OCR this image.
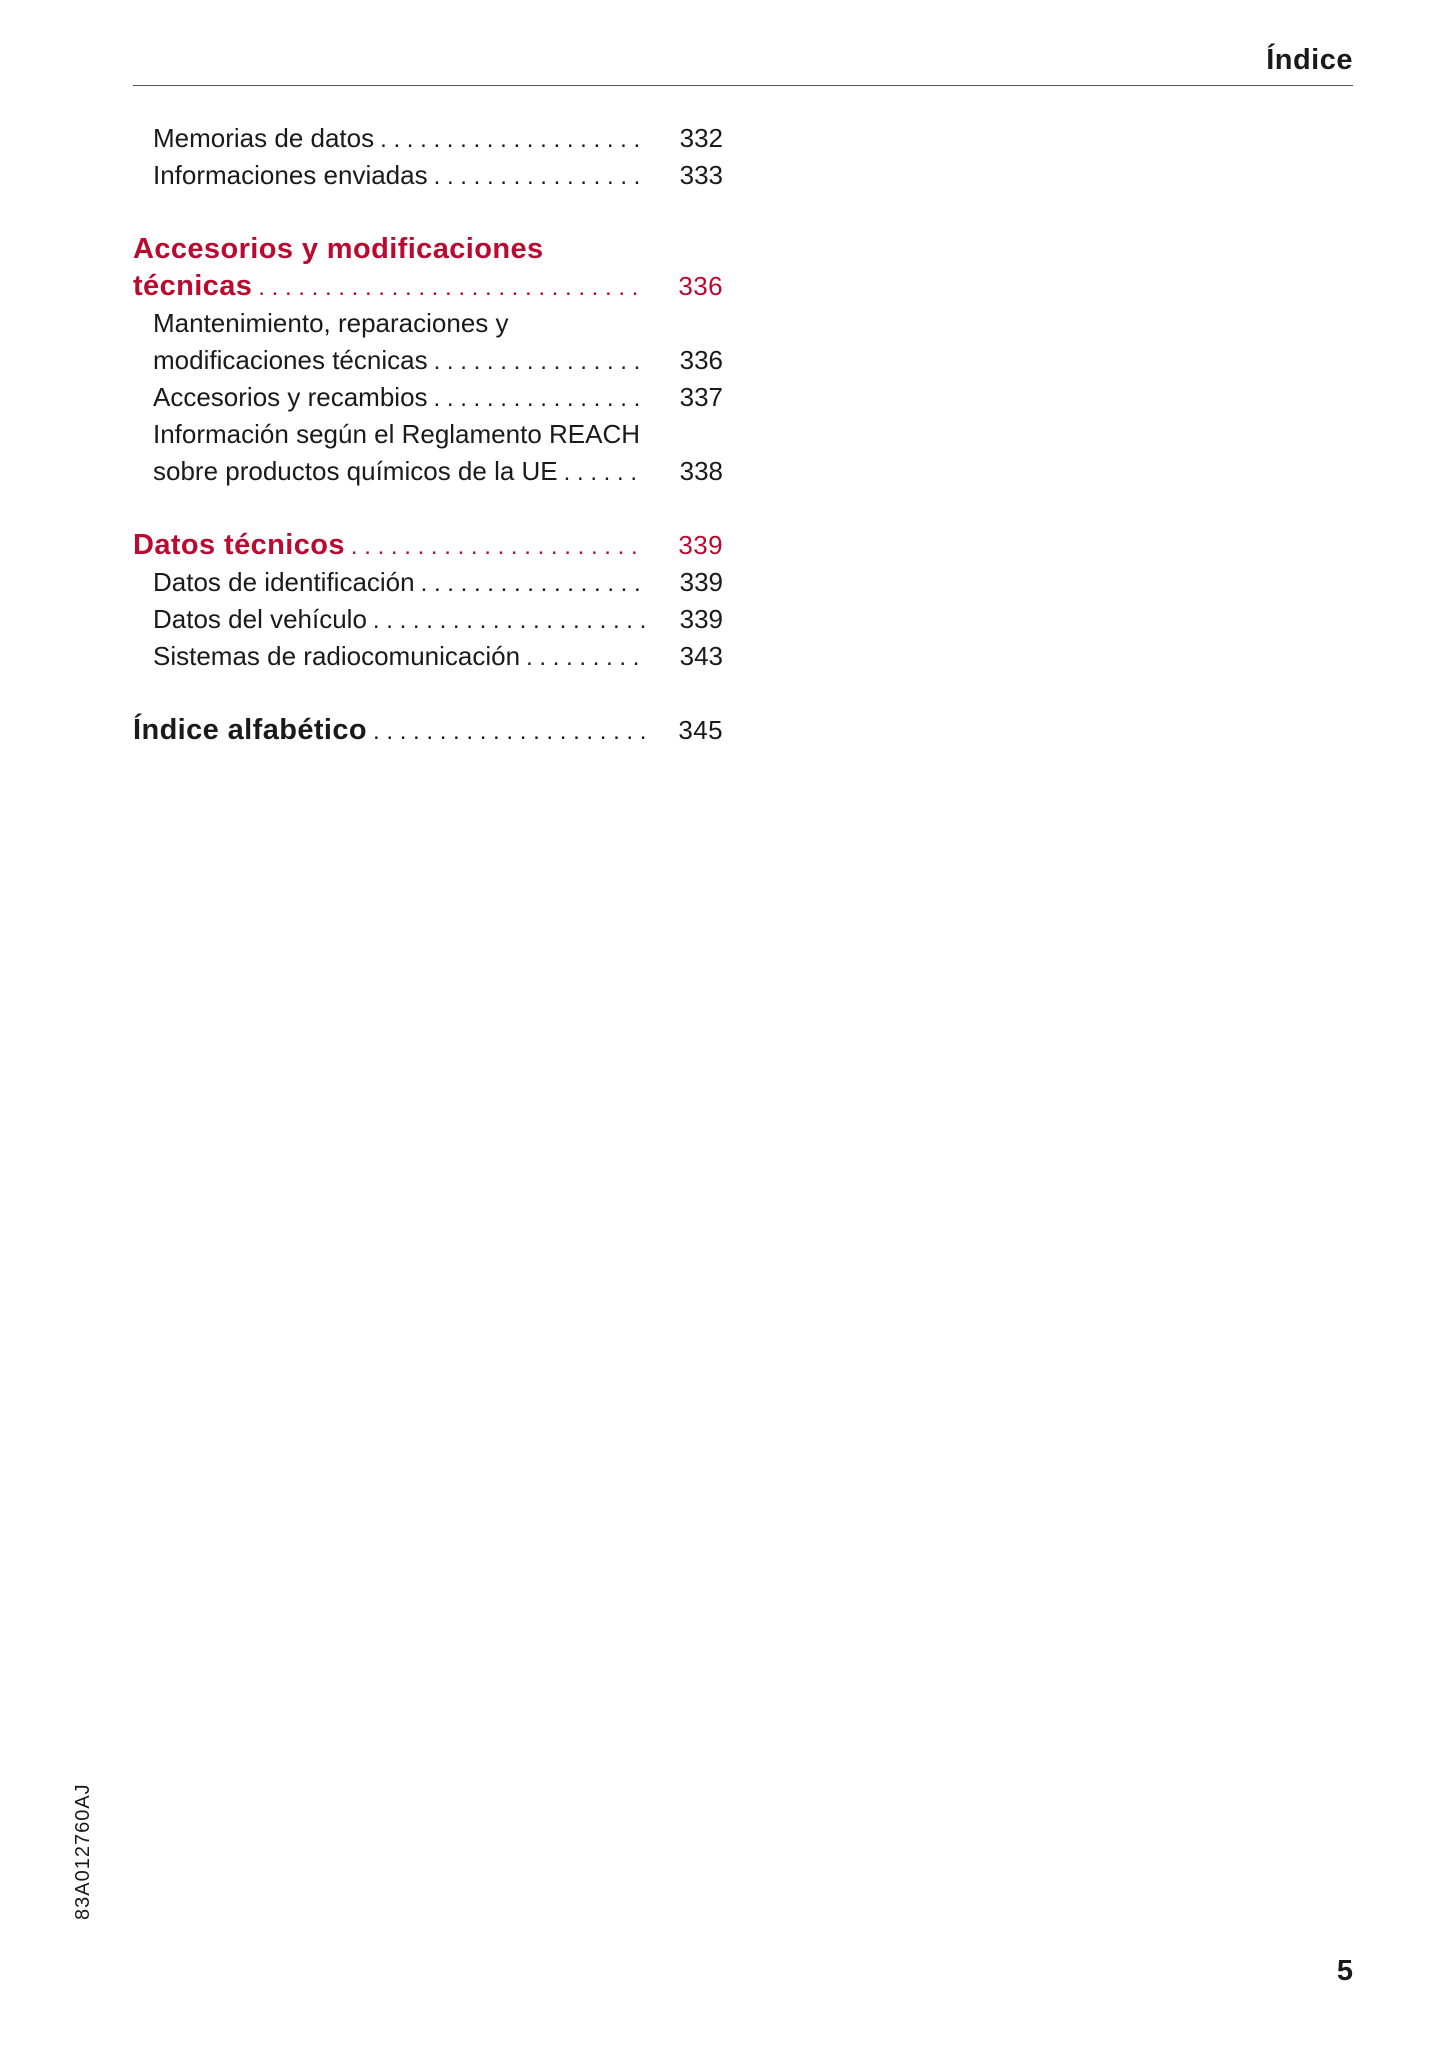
Índice
Memorias de datos . . .	332
Informaciones enviadas . . .	333
Accesorios y modificaciones
técnicas . . .	336
Mantenimiento, reparaciones y
modificaciones técnicas . . .	336
Accesorios y recambios . . .	337
Información según el Reglamento REACH
sobre productos químicos de la UE . . .	338
Datos técnicos . . .	339
Datos de identificación . . .	339
Datos del vehículo . . .	339
Sistemas de radiocomunicación . . .	343
Índice alfabético . . .	345
83A012760AJ
5
